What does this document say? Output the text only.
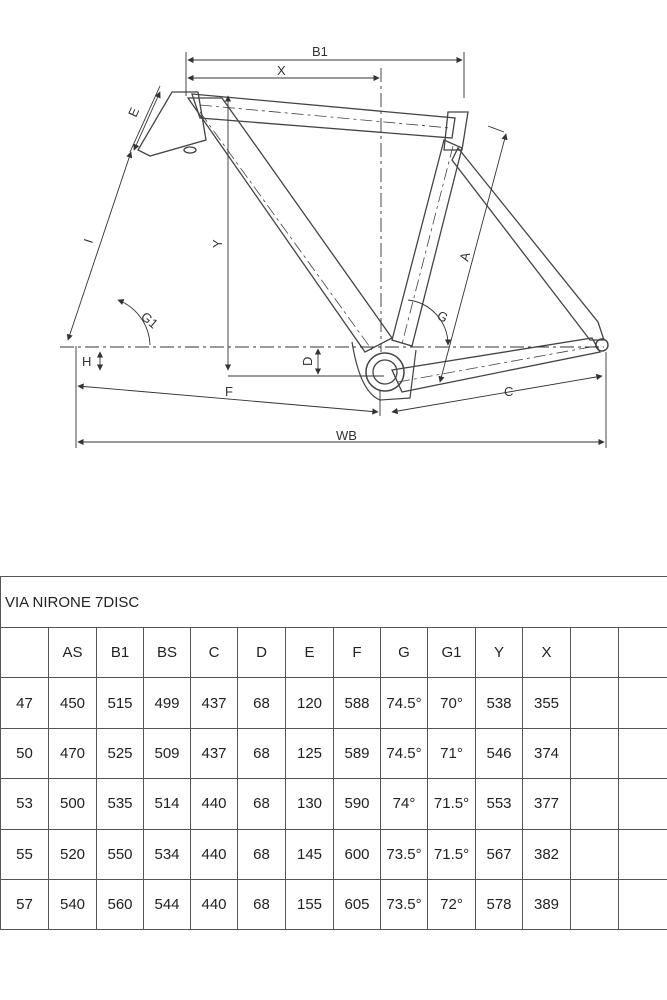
B1
X
E
Y
I
G1
A
G
D
H
F	C
WB
VIA NIRONE 7DISC													
	AS	B1	BS	C	D	E	F	G	G1	Y	X		
47	450	515	499	437	68	120	588	74.5°	70°	538	355		
50	470	525	509	437	68	125	589	74.5°	71°	546	374		
53	500	535	514	440	68	130	590	74°	71.5°	553	377		
55	520	550	534	440	68	145	600	73.5°	71.5°	567	382		
57	540	560	544	440	68	155	605	73.5°	72°	578	389		
